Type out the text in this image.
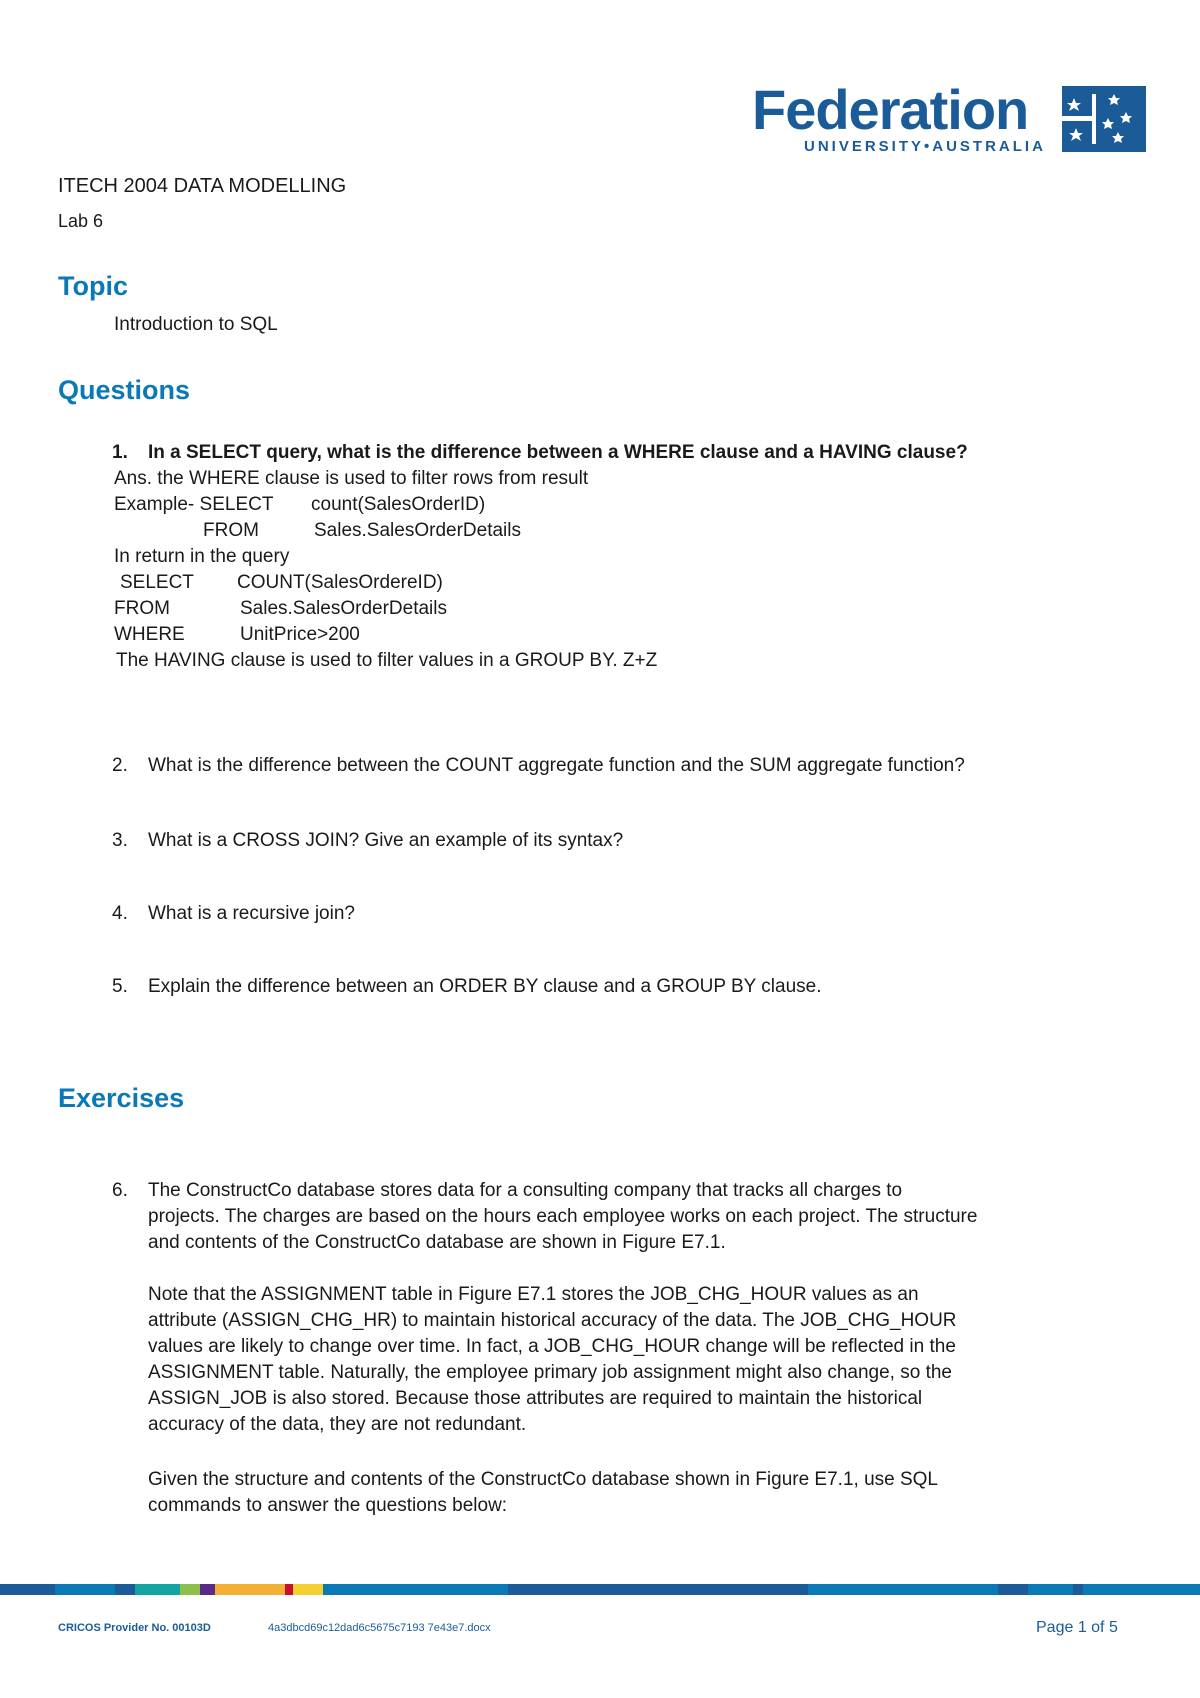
Federation
UNIVERSITY•AUSTRALIA
ITECH 2004 DATA MODELLING
Lab 6
Topic
Introduction to SQL
Questions
1. In a SELECT query, what is the difference between a WHERE clause and a HAVING clause?
Ans. the WHERE clause is used to filter rows from result
Example- SELECT count(SalesOrderID)
FROM	Sales.SalesOrderDetails
In return in the query
SELECT COUNT(SalesOrdereID)
FROM	Sales.SalesOrderDetails
WHERE	UnitPrice>200
The HAVING clause is used to filter values in a GROUP BY. Z+Z
2. What is the difference between the COUNT aggregate function and the SUM aggregate function?
3. What is a CROSS JOIN? Give an example of its syntax?
4. What is a recursive join?
5. Explain the difference between an ORDER BY clause and a GROUP BY clause.
Exercises
6. The ConstructCo database stores data for a consulting company that tracks all charges to
projects. The charges are based on the hours each employee works on each project. The structure
and contents of the ConstructCo database are shown in Figure E7.1.
Note that the ASSIGNMENT table in Figure E7.1 stores the JOB_CHG_HOUR values as an
attribute (ASSIGN_CHG_HR) to maintain historical accuracy of the data. The JOB_CHG_HOUR
values are likely to change over time. In fact, a JOB_CHG_HOUR change will be reflected in the
ASSIGNMENT table. Naturally, the employee primary job assignment might also change, so the
ASSIGN_JOB is also stored. Because those attributes are required to maintain the historical
accuracy of the data, they are not redundant.
Given the structure and contents of the ConstructCo database shown in Figure E7.1, use SQL
commands to answer the questions below:
CRICOS Provider No. 00103D	4a3dbcd69c12dad6c5675c7193 7e43e7.docx	Page 1 of 5
